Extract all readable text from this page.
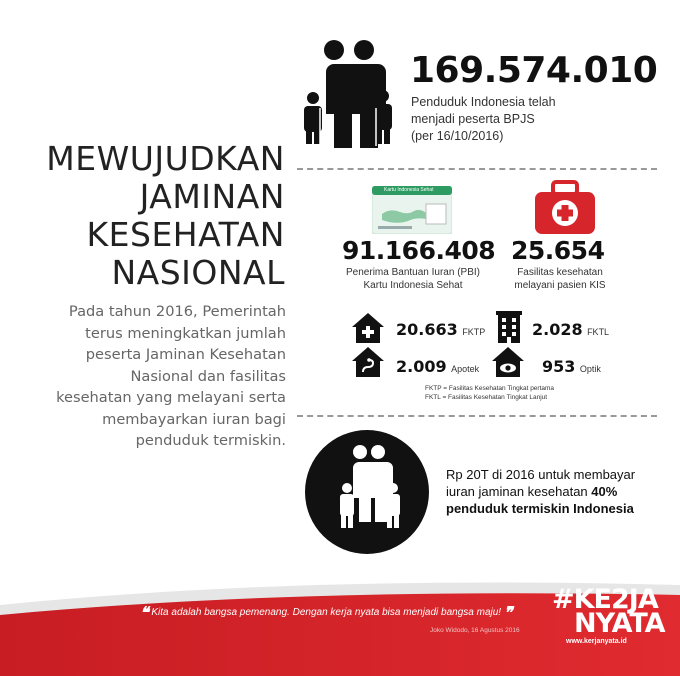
MEWUJUDKAN
JAMINAN
KESEHATAN
NASIONAL
Pada tahun 2016, Pemerintah
terus meningkatkan jumlah
peserta Jaminan Kesehatan
Nasional dan fasilitas
kesehatan yang melayani serta
membayarkan iuran bagi
penduduk termiskin.
169.574.010
Penduduk Indonesia telah
menjadi peserta BPJS
(per 16/10/2016)
Kartu Indonesia Sehat
91.166.408
Penerima Bantuan Iuran (PBI)
Kartu Indonesia Sehat
25.654
Fasilitas kesehatan
melayani pasien KIS
20.663 FKTP	2.028 FKTL
2.009 Apotek	953 Optik
FKTP = Fasilitas Kesehatan Tingkat pertama
FKTL = Fasilitas Kesehatan Tingkat Lanjut
Rp 20T di 2016 untuk membayar
iuran jaminan kesehatan 40%
penduduk termiskin Indonesia
❝ Kita adalah bangsa pemenang. Dengan kerja nyata bisa menjadi bangsa maju! ❞
Joko Widodo, 16 Agustus 2016
#KE2JA
NYATA
www.kerjanyata.id
